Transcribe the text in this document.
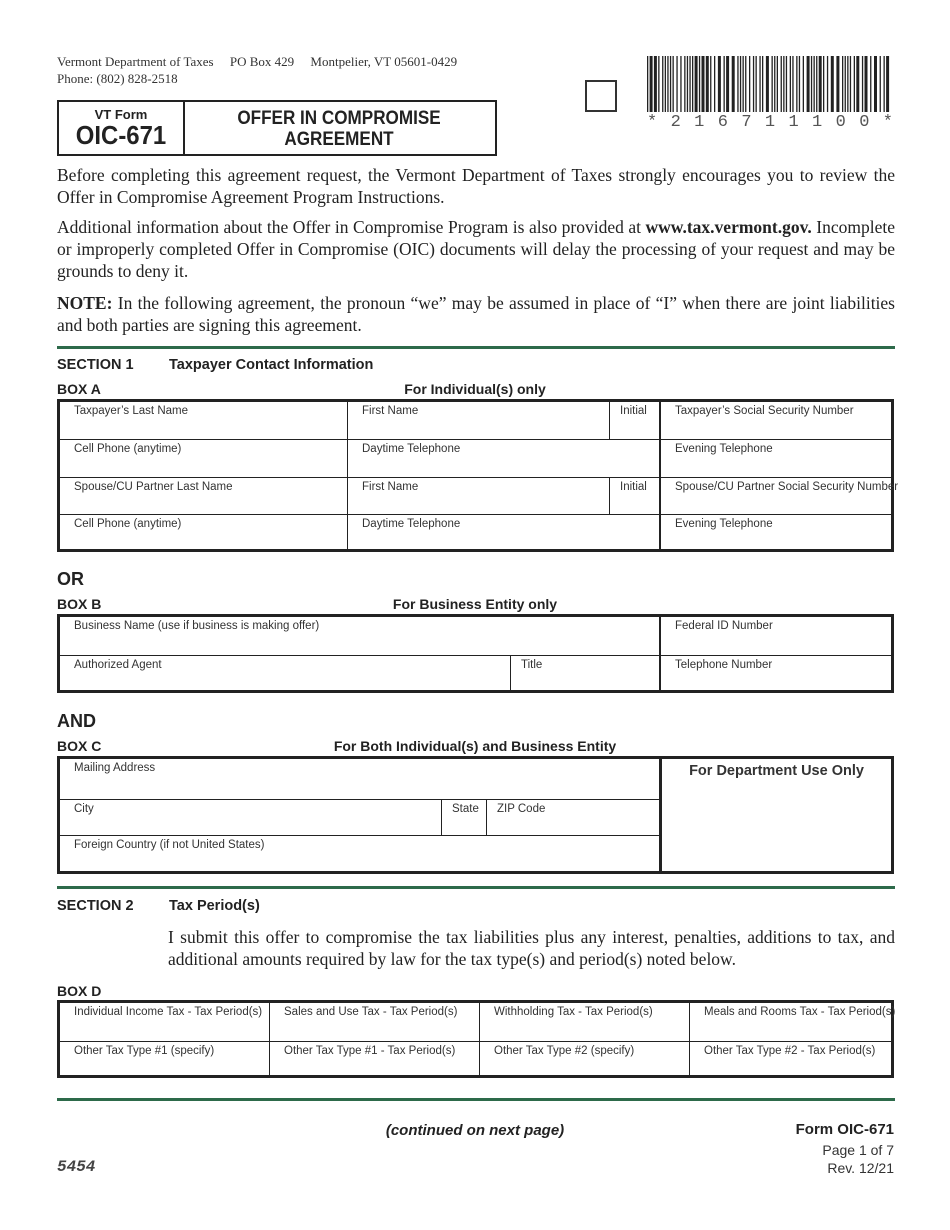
Vermont Department of Taxes PO Box 429 Montpelier, VT 05601-0429
Phone: (802) 828-2518
VT Form
OIC-671
OFFER IN COMPROMISE
AGREEMENT
* 2 1 6 7 1 1 1 0 0 *
Before completing this agreement request, the Vermont Department of Taxes strongly encourages you to review the Offer in Compromise Agreement Program Instructions.
Additional information about the Offer in Compromise Program is also provided at www.tax.vermont.gov. Incomplete or improperly completed Offer in Compromise (OIC) documents will delay the processing of your request and may be grounds to deny it.
NOTE: In the following agreement, the pronoun “we” may be assumed in place of “I” when there are joint liabilities and both parties are signing this agreement.
SECTION 1 Taxpayer Contact Information
BOX A	For Individual(s) only
Taxpayer’s Last Name	First Name	Initial	Taxpayer’s Social Security Number
Cell Phone (anytime)	Daytime Telephone	Evening Telephone
Spouse/CU Partner Last Name	First Name	Initial	Spouse/CU Partner Social Security Number
Cell Phone (anytime)	Daytime Telephone	Evening Telephone
OR
BOX B	For Business Entity only
Business Name (use if business is making offer)	Federal ID Number
Authorized Agent	Title	Telephone Number
AND
BOX C	For Both Individual(s) and Business Entity
Mailing Address
City	State	ZIP Code
Foreign Country (if not United States)
For Department Use Only
SECTION 2 Tax Period(s)
I submit this offer to compromise the tax liabilities plus any interest, penalties, additions to tax, and additional amounts required by law for the tax type(s) and period(s) noted below.
BOX D
Individual Income Tax - Tax Period(s)	Sales and Use Tax - Tax Period(s)	Withholding Tax - Tax Period(s)	Meals and Rooms Tax - Tax Period(s)
Other Tax Type #1 (specify)	Other Tax Type #1 - Tax Period(s)	Other Tax Type #2 (specify)	Other Tax Type #2 - Tax Period(s)
(continued on next page)	Form OIC-671
Page 1 of 7
Rev. 12/21
5454
